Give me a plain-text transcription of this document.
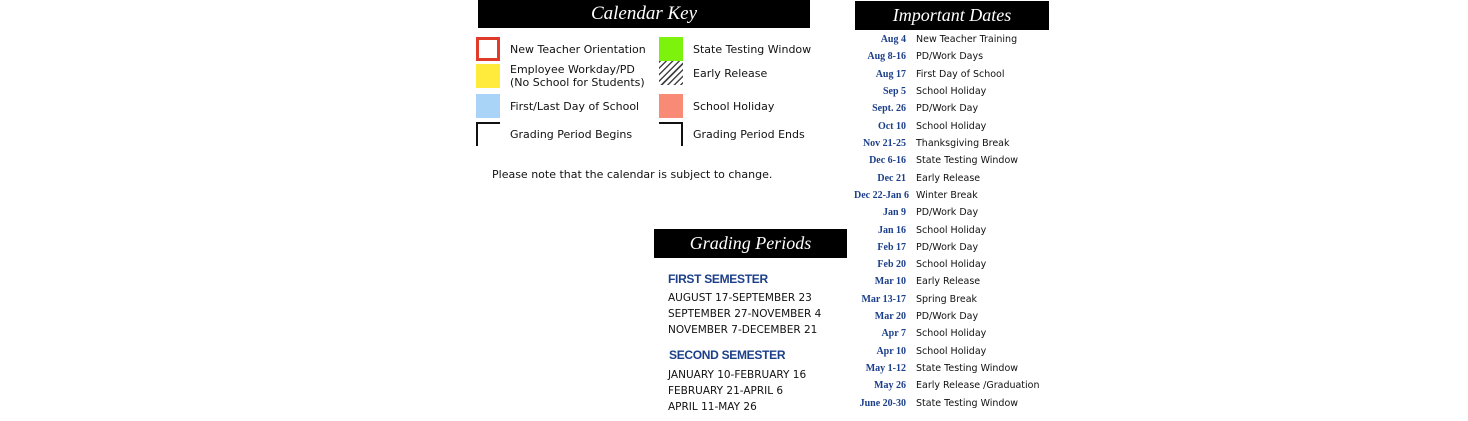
Calendar Key
New Teacher Orientation	State Testing Window
Employee Workday/PD
(No School for Students)
Early Release
First/Last Day of School	School Holiday
Grading Period Begins	Grading Period Ends
Please note that the calendar is subject to change.
Grading Periods
FIRST SEMESTER
AUGUST 17-SEPTEMBER 23
SEPTEMBER 27-NOVEMBER 4
NOVEMBER 7-DECEMBER 21
SECOND SEMESTER
JANUARY 10-FEBRUARY 16
FEBRUARY 21-APRIL 6
APRIL 11-MAY 26
Important Dates
Aug 4 New Teacher Training
Aug 8-16 PD/Work Days
Aug 17 First Day of School
Sep 5 School Holiday
Sept. 26 PD/Work Day
Oct 10 School Holiday
Nov 21-25 Thanksgiving Break
Dec 6-16 State Testing Window
Dec 21 Early Release
Dec 22-Jan 6 Winter Break
Jan 9 PD/Work Day
Jan 16 School Holiday
Feb 17 PD/Work Day
Feb 20 School Holiday
Mar 10 Early Release
Mar 13-17 Spring Break
Mar 20 PD/Work Day
Apr 7 School Holiday
Apr 10 School Holiday
May 1-12 State Testing Window
May 26 Early Release /Graduation
June 20-30 State Testing Window
